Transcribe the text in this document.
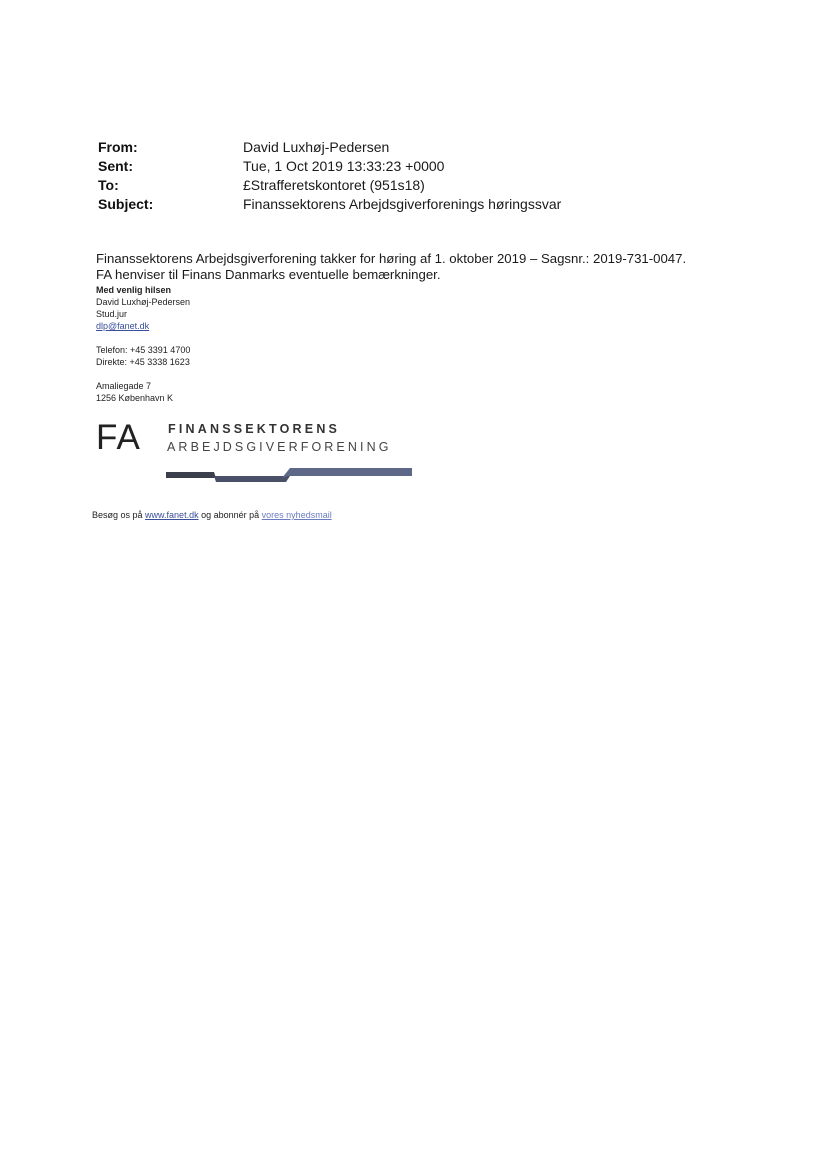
From:	David Luxhøj-Pedersen
Sent:	Tue, 1 Oct 2019 13:33:23 +0000
To:	£Strafferetskontoret (951s18)
Subject:	Finanssektorens Arbejdsgiverforenings høringssvar
Finanssektorens Arbejdsgiverforening takker for høring af 1. oktober 2019 – Sagsnr.: 2019-731-0047.
FA henviser til Finans Danmarks eventuelle bemærkninger.
Med venlig hilsen
David Luxhøj-Pedersen
Stud.jur
dlp@fanet.dk
Telefon: +45 3391 4700
Direkte: +45 3338 1623
Amaliegade 7
1256 København K
FA FINANSSEKTORENS
ARBEJDSGIVERFORENING
Besøg os på www.fanet.dk og abonnér på vores nyhedsmail
